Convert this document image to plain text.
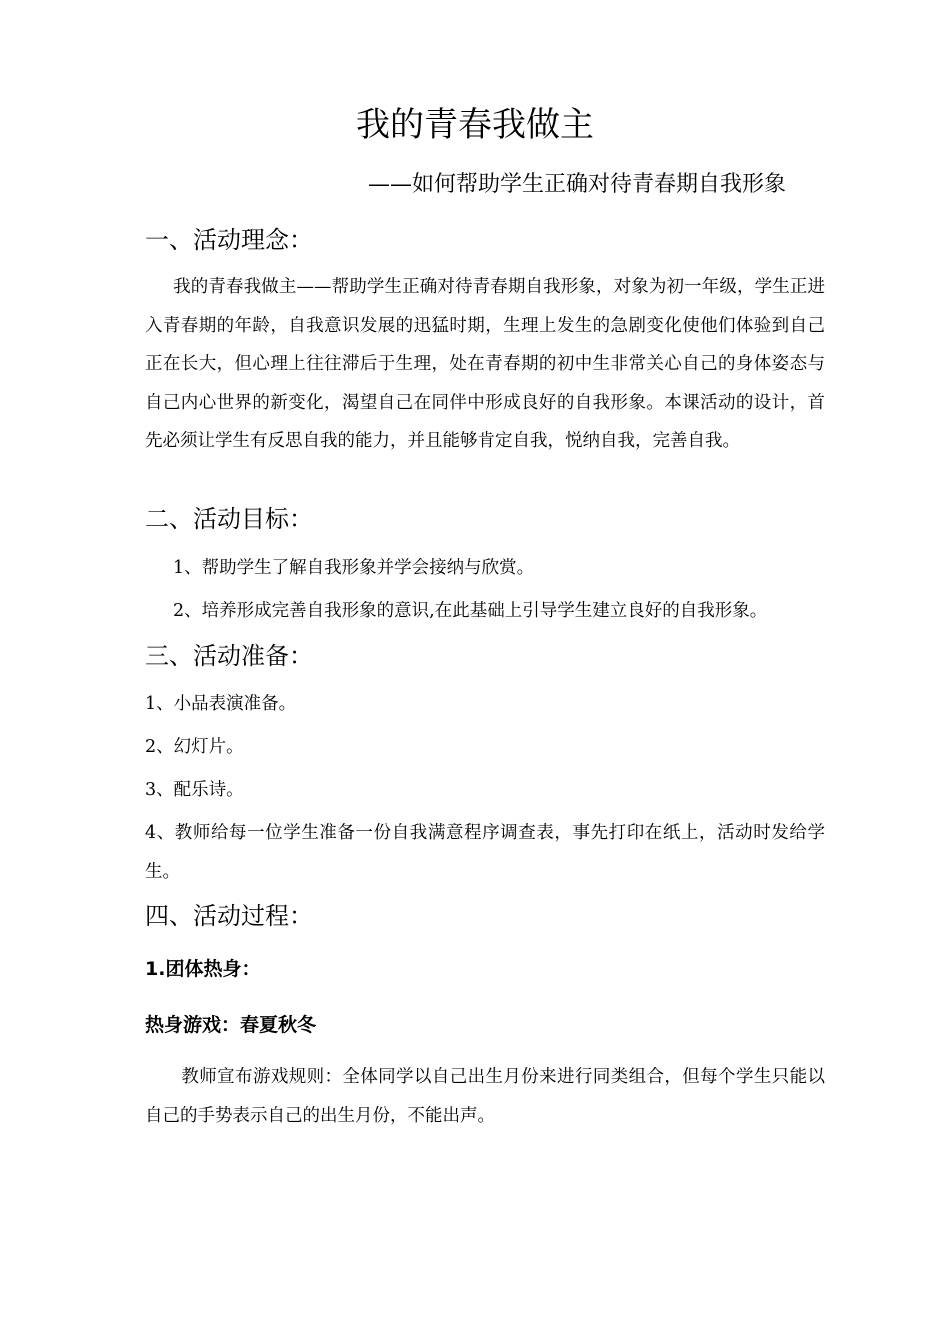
我的青春我做主
——如何帮助学生正确对待青春期自我形象
一、活动理念：
我的青春我做主——帮助学生正确对待青春期自我形象，对象为初一年级，学生正进入青春期的年龄，自我意识发展的迅猛时期，生理上发生的急剧变化使他们体验到自己正在长大，但心理上往往滞后于生理，处在青春期的初中生非常关心自己的身体姿态与自己内心世界的新变化，渴望自己在同伴中形成良好的自我形象。本课活动的设计，首先必须让学生有反思自我的能力，并且能够肯定自我，悦纳自我，完善自我。
二、活动目标：
1、帮助学生了解自我形象并学会接纳与欣赏。
2、培养形成完善自我形象的意识,在此基础上引导学生建立良好的自我形象。
三、活动准备：
1、小品表演准备。
2、幻灯片。
3、配乐诗。
4、教师给每一位学生准备一份自我满意程序调查表，事先打印在纸上，活动时发给学生。
四、活动过程：
1.团体热身：
热身游戏：春夏秋冬
教师宣布游戏规则：全体同学以自己出生月份来进行同类组合，但每个学生只能以自己的手势表示自己的出生月份，不能出声。
